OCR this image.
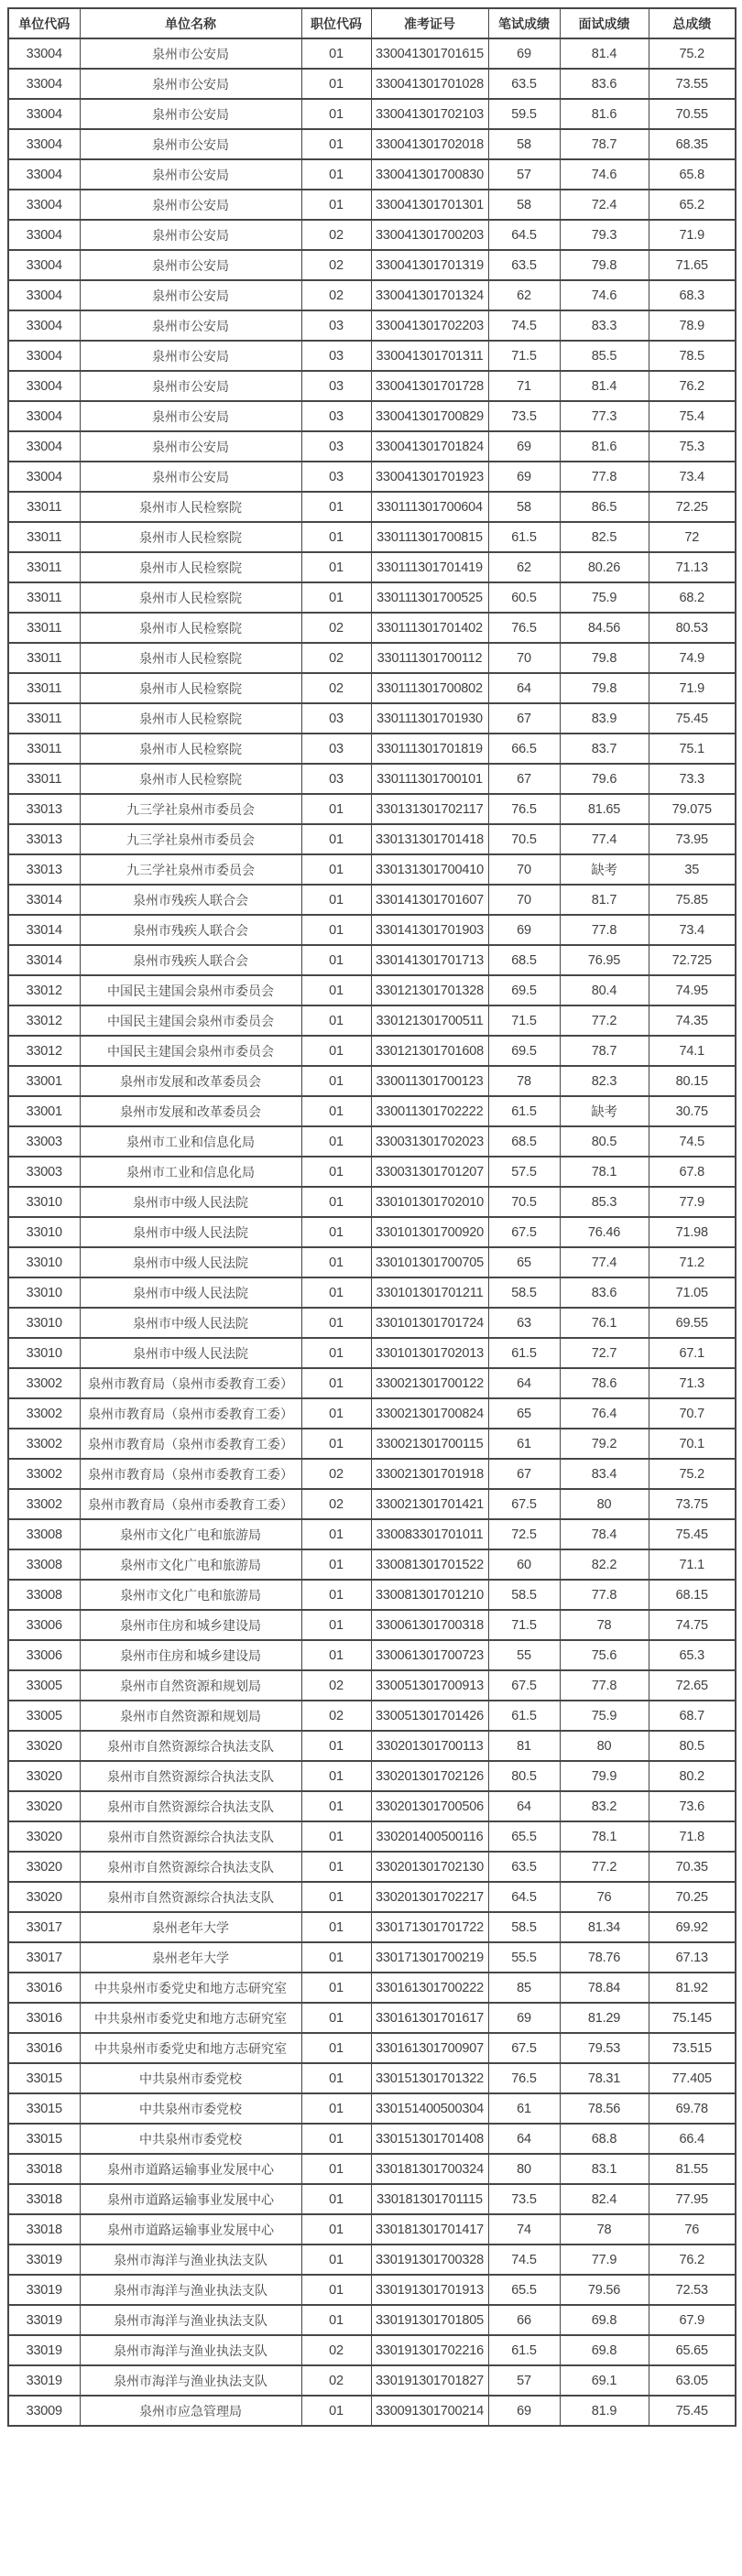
单位代码	单位名称	职位代码	准考证号	笔试成绩	面试成绩	总成绩
33004	泉州市公安局	01	330041301701615	69	81.4	75.2
33004	泉州市公安局	01	330041301701028	63.5	83.6	73.55
33004	泉州市公安局	01	330041301702103	59.5	81.6	70.55
33004	泉州市公安局	01	330041301702018	58	78.7	68.35
33004	泉州市公安局	01	330041301700830	57	74.6	65.8
33004	泉州市公安局	01	330041301701301	58	72.4	65.2
33004	泉州市公安局	02	330041301700203	64.5	79.3	71.9
33004	泉州市公安局	02	330041301701319	63.5	79.8	71.65
33004	泉州市公安局	02	330041301701324	62	74.6	68.3
33004	泉州市公安局	03	330041301702203	74.5	83.3	78.9
33004	泉州市公安局	03	330041301701311	71.5	85.5	78.5
33004	泉州市公安局	03	330041301701728	71	81.4	76.2
33004	泉州市公安局	03	330041301700829	73.5	77.3	75.4
33004	泉州市公安局	03	330041301701824	69	81.6	75.3
33004	泉州市公安局	03	330041301701923	69	77.8	73.4
33011	泉州市人民检察院	01	330111301700604	58	86.5	72.25
33011	泉州市人民检察院	01	330111301700815	61.5	82.5	72
33011	泉州市人民检察院	01	330111301701419	62	80.26	71.13
33011	泉州市人民检察院	01	330111301700525	60.5	75.9	68.2
33011	泉州市人民检察院	02	330111301701402	76.5	84.56	80.53
33011	泉州市人民检察院	02	330111301700112	70	79.8	74.9
33011	泉州市人民检察院	02	330111301700802	64	79.8	71.9
33011	泉州市人民检察院	03	330111301701930	67	83.9	75.45
33011	泉州市人民检察院	03	330111301701819	66.5	83.7	75.1
33011	泉州市人民检察院	03	330111301700101	67	79.6	73.3
33013	九三学社泉州市委员会	01	330131301702117	76.5	81.65	79.075
33013	九三学社泉州市委员会	01	330131301701418	70.5	77.4	73.95
33013	九三学社泉州市委员会	01	330131301700410	70	缺考	35
33014	泉州市残疾人联合会	01	330141301701607	70	81.7	75.85
33014	泉州市残疾人联合会	01	330141301701903	69	77.8	73.4
33014	泉州市残疾人联合会	01	330141301701713	68.5	76.95	72.725
33012	中国民主建国会泉州市委员会	01	330121301701328	69.5	80.4	74.95
33012	中国民主建国会泉州市委员会	01	330121301700511	71.5	77.2	74.35
33012	中国民主建国会泉州市委员会	01	330121301701608	69.5	78.7	74.1
33001	泉州市发展和改革委员会	01	330011301700123	78	82.3	80.15
33001	泉州市发展和改革委员会	01	330011301702222	61.5	缺考	30.75
33003	泉州市工业和信息化局	01	330031301702023	68.5	80.5	74.5
33003	泉州市工业和信息化局	01	330031301701207	57.5	78.1	67.8
33010	泉州市中级人民法院	01	330101301702010	70.5	85.3	77.9
33010	泉州市中级人民法院	01	330101301700920	67.5	76.46	71.98
33010	泉州市中级人民法院	01	330101301700705	65	77.4	71.2
33010	泉州市中级人民法院	01	330101301701211	58.5	83.6	71.05
33010	泉州市中级人民法院	01	330101301701724	63	76.1	69.55
33010	泉州市中级人民法院	01	330101301702013	61.5	72.7	67.1
33002	泉州市教育局（泉州市委教育工委）	01	330021301700122	64	78.6	71.3
33002	泉州市教育局（泉州市委教育工委）	01	330021301700824	65	76.4	70.7
33002	泉州市教育局（泉州市委教育工委）	01	330021301700115	61	79.2	70.1
33002	泉州市教育局（泉州市委教育工委）	02	330021301701918	67	83.4	75.2
33002	泉州市教育局（泉州市委教育工委）	02	330021301701421	67.5	80	73.75
33008	泉州市文化广电和旅游局	01	330083301701011	72.5	78.4	75.45
33008	泉州市文化广电和旅游局	01	330081301701522	60	82.2	71.1
33008	泉州市文化广电和旅游局	01	330081301701210	58.5	77.8	68.15
33006	泉州市住房和城乡建设局	01	330061301700318	71.5	78	74.75
33006	泉州市住房和城乡建设局	01	330061301700723	55	75.6	65.3
33005	泉州市自然资源和规划局	02	330051301700913	67.5	77.8	72.65
33005	泉州市自然资源和规划局	02	330051301701426	61.5	75.9	68.7
33020	泉州市自然资源综合执法支队	01	330201301700113	81	80	80.5
33020	泉州市自然资源综合执法支队	01	330201301702126	80.5	79.9	80.2
33020	泉州市自然资源综合执法支队	01	330201301700506	64	83.2	73.6
33020	泉州市自然资源综合执法支队	01	330201400500116	65.5	78.1	71.8
33020	泉州市自然资源综合执法支队	01	330201301702130	63.5	77.2	70.35
33020	泉州市自然资源综合执法支队	01	330201301702217	64.5	76	70.25
33017	泉州老年大学	01	330171301701722	58.5	81.34	69.92
33017	泉州老年大学	01	330171301700219	55.5	78.76	67.13
33016	中共泉州市委党史和地方志研究室	01	330161301700222	85	78.84	81.92
33016	中共泉州市委党史和地方志研究室	01	330161301701617	69	81.29	75.145
33016	中共泉州市委党史和地方志研究室	01	330161301700907	67.5	79.53	73.515
33015	中共泉州市委党校	01	330151301701322	76.5	78.31	77.405
33015	中共泉州市委党校	01	330151400500304	61	78.56	69.78
33015	中共泉州市委党校	01	330151301701408	64	68.8	66.4
33018	泉州市道路运输事业发展中心	01	330181301700324	80	83.1	81.55
33018	泉州市道路运输事业发展中心	01	330181301701115	73.5	82.4	77.95
33018	泉州市道路运输事业发展中心	01	330181301701417	74	78	76
33019	泉州市海洋与渔业执法支队	01	330191301700328	74.5	77.9	76.2
33019	泉州市海洋与渔业执法支队	01	330191301701913	65.5	79.56	72.53
33019	泉州市海洋与渔业执法支队	01	330191301701805	66	69.8	67.9
33019	泉州市海洋与渔业执法支队	02	330191301702216	61.5	69.8	65.65
33019	泉州市海洋与渔业执法支队	02	330191301701827	57	69.1	63.05
33009	泉州市应急管理局	01	330091301700214	69	81.9	75.45
